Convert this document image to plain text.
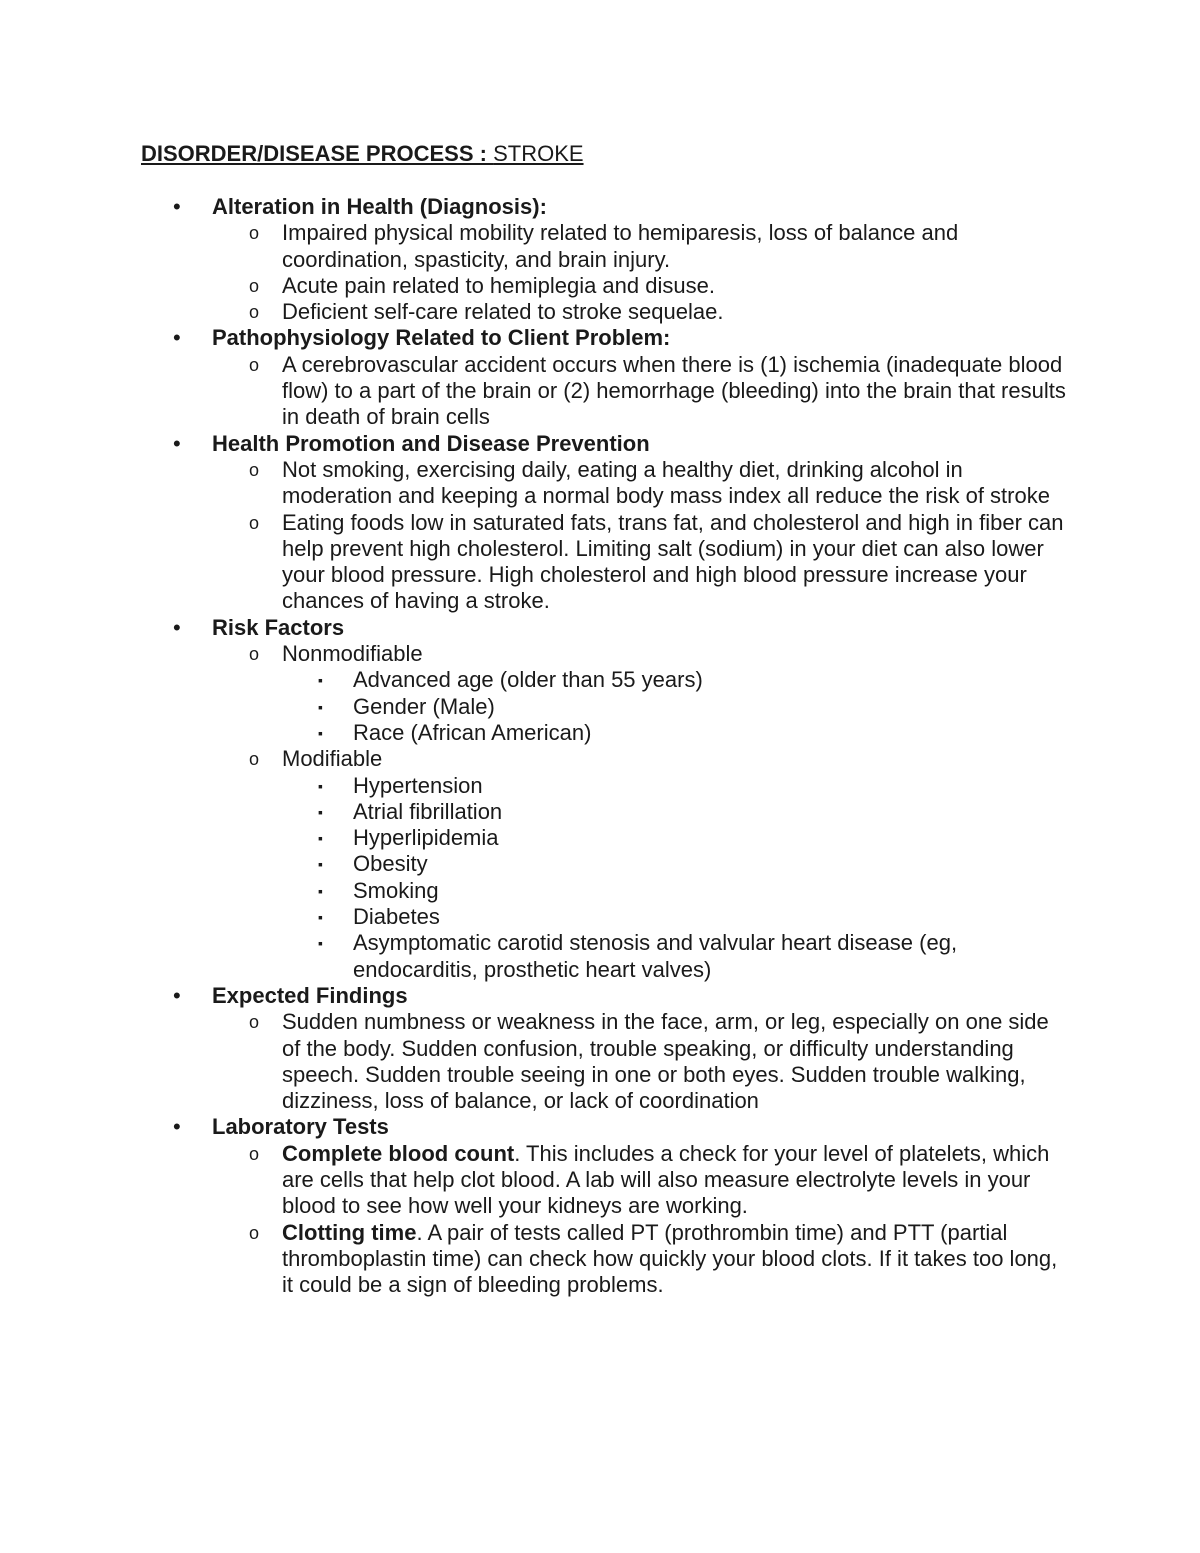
DISORDER/DISEASE PROCESS : STROKE
• Alteration in Health (Diagnosis):
o Impaired physical mobility related to hemiparesis, loss of balance and coordination, spasticity, and brain injury.
o Acute pain related to hemiplegia and disuse.
o Deficient self-care related to stroke sequelae.
• Pathophysiology Related to Client Problem:
o A cerebrovascular accident occurs when there is (1) ischemia (inadequate blood flow) to a part of the brain or (2) hemorrhage (bleeding) into the brain that results in death of brain cells
• Health Promotion and Disease Prevention
o Not smoking, exercising daily, eating a healthy diet, drinking alcohol in moderation and keeping a normal body mass index all reduce the risk of stroke
o Eating foods low in saturated fats, trans fat, and cholesterol and high in fiber can help prevent high cholesterol. Limiting salt (sodium) in your diet can also lower your blood pressure. High cholesterol and high blood pressure increase your chances of having a stroke.
• Risk Factors
o Nonmodifiable
▪ Advanced age (older than 55 years)
▪ Gender (Male)
▪ Race (African American)
o Modifiable
▪ Hypertension
▪ Atrial fibrillation
▪ Hyperlipidemia
▪ Obesity
▪ Smoking
▪ Diabetes
▪ Asymptomatic carotid stenosis and valvular heart disease (eg, endocarditis, prosthetic heart valves)
• Expected Findings
o Sudden numbness or weakness in the face, arm, or leg, especially on one side of the body. Sudden confusion, trouble speaking, or difficulty understanding speech. Sudden trouble seeing in one or both eyes. Sudden trouble walking, dizziness, loss of balance, or lack of coordination
• Laboratory Tests
o Complete blood count. This includes a check for your level of platelets, which are cells that help clot blood. A lab will also measure electrolyte levels in your blood to see how well your kidneys are working.
o Clotting time. A pair of tests called PT (prothrombin time) and PTT (partial thromboplastin time) can check how quickly your blood clots. If it takes too long, it could be a sign of bleeding problems.
